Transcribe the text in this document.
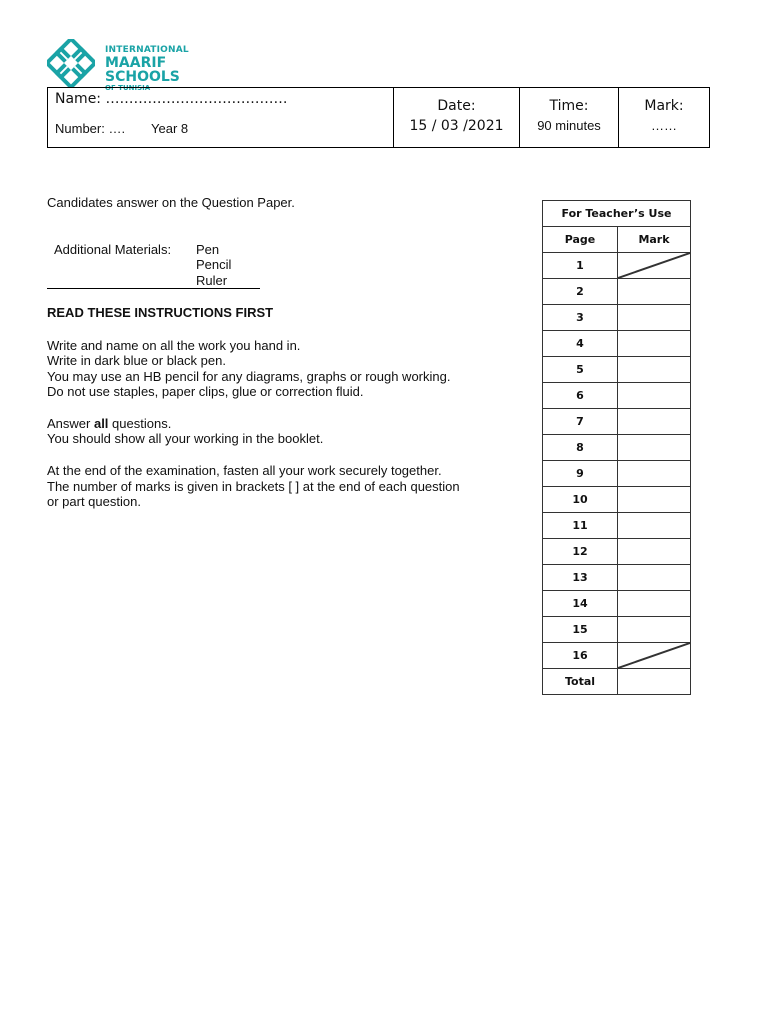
INTERNATIONAL
MAARIF SCHOOLS
OF TUNISIA
Name: …………………………………
Number: …. Year 8

Date:
15 / 03 /2021

Time:
90 minutes

Mark:
……
Candidates answer on the Question Paper.
Additional Materials: Pen
Pencil
Ruler
READ THESE INSTRUCTIONS FIRST
Write and name on all the work you hand in.
Write in dark blue or black pen.
You may use an HB pencil for any diagrams, graphs or rough working.
Do not use staples, paper clips, glue or correction fluid.
Answer all questions.
You should show all your working in the booklet.
At the end of the examination, fasten all your work securely together.
The number of marks is given in brackets [ ] at the end of each question
or part question.
For Teacher’s Use	
Page	Mark
1	

2	
3	
4	
5	
6	
7	
8	
9	
10	
11	
12	
13	
14	
15	
16	

Total	
